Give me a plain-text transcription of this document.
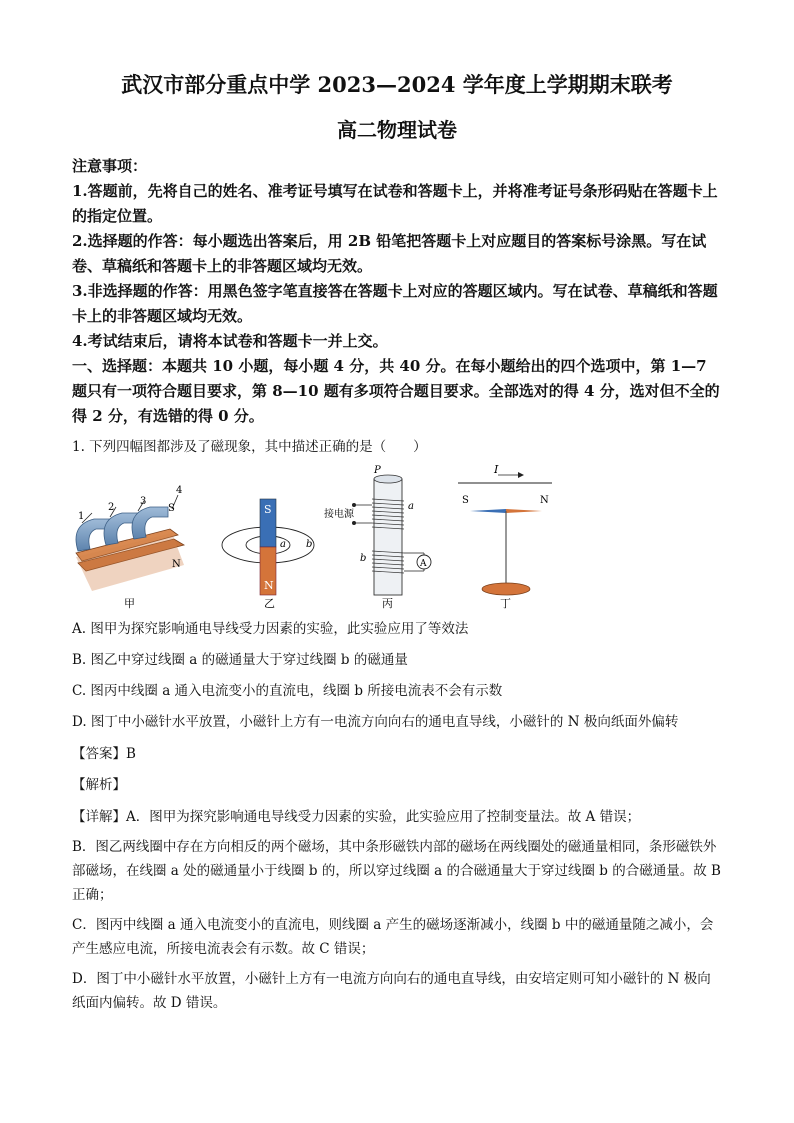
武汉市部分重点中学 2023—2024 学年度上学期期末联考

高二物理试卷

注意事项：

1.答题前，先将自己的姓名、准考证号填写在试卷和答题卡上，并将准考证号条形码贴在答题卡上的指定位置。

2.选择题的作答：每小题选出答案后，用 2B 铅笔把答题卡上对应题目的答案标号涂黑。写在试卷、草稿纸和答题卡上的非答题区域均无效。

3.非选择题的作答：用黑色签字笔直接答在答题卡上对应的答题区域内。写在试卷、草稿纸和答题卡上的非答题区域均无效。

4.考试结束后，请将本试卷和答题卡一并上交。

一、选择题：本题共 10 小题，每小题 4 分，共 40 分。在每小题给出的四个选项中，第 1—7 题只有一项符合题目要求，第 8—10 题有多项符合题目要求。全部选对的得 4 分，选对但不全的得 2 分，有选错的得 0 分。

1. 下列四幅图都涉及了磁现象，其中描述正确的是（　　）

1
2
3
4
S
N
甲
S
N
a b
乙
A
P
接电源
a
b
丙
I
S	N
丁

A. 图甲为探究影响通电导线受力因素的实验，此实验应用了等效法

B. 图乙中穿过线圈 a 的磁通量大于穿过线圈 b 的磁通量

C. 图丙中线圈 a 通入电流变小的直流电，线圈 b 所接电流表不会有示数

D. 图丁中小磁针水平放置，小磁针上方有一电流方向向右的通电直导线，小磁针的 N 极向纸面外偏转

【答案】B

【解析】

【详解】A．图甲为探究影响通电导线受力因素的实验，此实验应用了控制变量法。故 A 错误；

B．图乙两线圈中存在方向相反的两个磁场，其中条形磁铁内部的磁场在两线圈处的磁通量相同，条形磁铁外部磁场，在线圈 a 处的磁通量小于线圈 b 的，所以穿过线圈 a 的合磁通量大于穿过线圈 b 的合磁通量。故 B 正确；

C．图丙中线圈 a 通入电流变小的直流电，则线圈 a 产生的磁场逐渐减小，线圈 b 中的磁通量随之减小，会产生感应电流，所接电流表会有示数。故 C 错误；

D．图丁中小磁针水平放置，小磁针上方有一电流方向向右的通电直导线，由安培定则可知小磁针的 N 极向纸面内偏转。故 D 错误。
